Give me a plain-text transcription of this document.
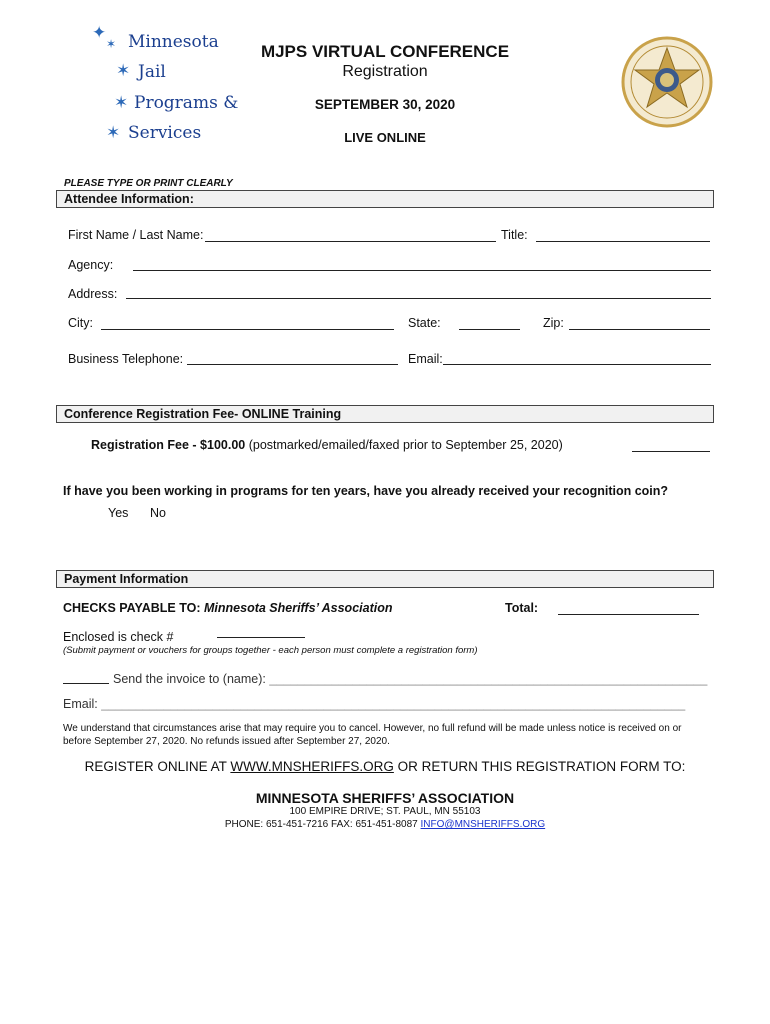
✦
✶ Minnesota
✶ Jail
✶ Programs &
✶ Services
MJPS VIRTUAL CONFERENCE
Registration
SEPTEMBER 30, 2020
LIVE ONLINE
PLEASE TYPE OR PRINT CLEARLY
Attendee Information:
First Name / Last Name:	Title:
Agency:
Address:
City:	State:	Zip:
Business Telephone:	Email:
Conference Registration Fee- ONLINE Training
Registration Fee - $100.00 (postmarked/emailed/faxed prior to September 25, 2020)
If have you been working in programs for ten years, have you already received your recognition coin?
Yes No
Payment Information
CHECKS PAYABLE TO: Minnesota Sheriffs’ Association	Total:
Enclosed is check #
(Submit payment or vouchers for groups together - each person must complete a registration form)
Send the invoice to (name): _______________________________________________________________
Email: ____________________________________________________________________________________
We understand that circumstances arise that may require you to cancel. However, no full refund will be made unless notice is received on or before September 27, 2020. No refunds issued after September 27, 2020.
REGISTER ONLINE AT WWW.MNSHERIFFS.ORG OR RETURN THIS REGISTRATION FORM TO:
MINNESOTA SHERIFFS’ ASSOCIATION
100 EMPIRE DRIVE; ST. PAUL, MN 55103
PHONE: 651-451-7216 FAX: 651-451-8087 INFO@MNSHERIFFS.ORG
